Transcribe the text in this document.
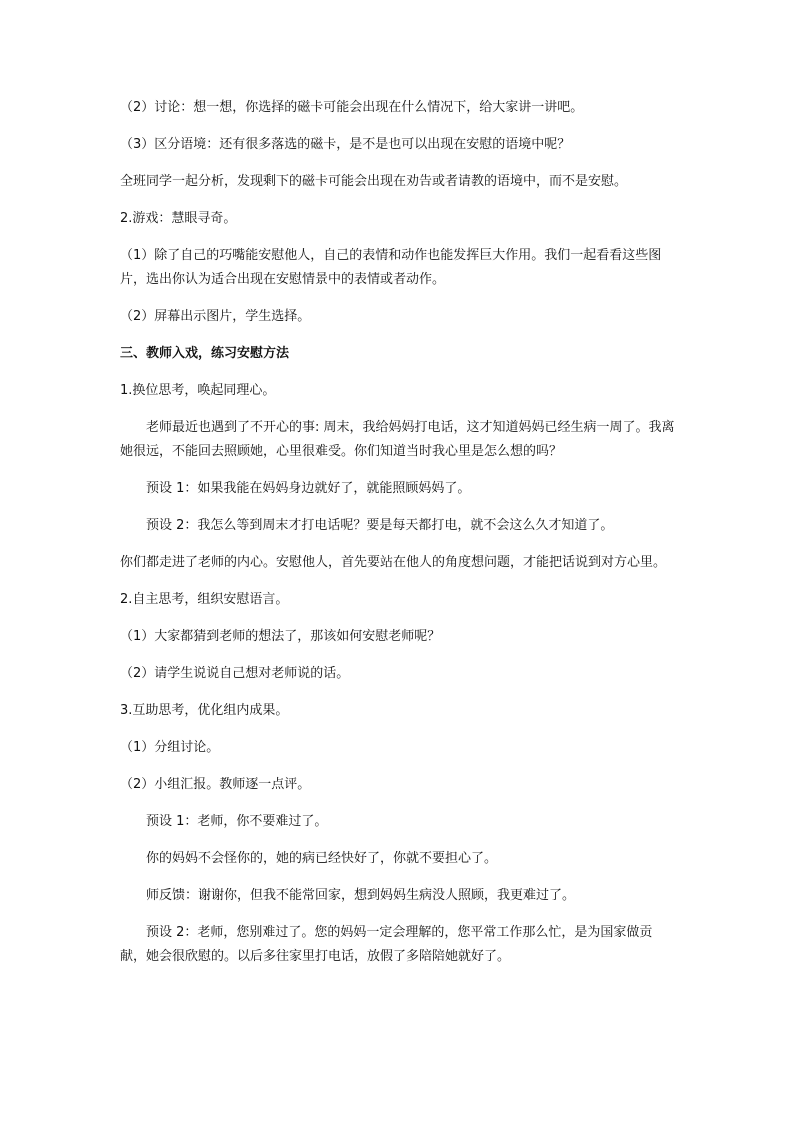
（2）讨论：想一想，你选择的磁卡可能会出现在什么情况下，给大家讲一讲吧。

（3）区分语境：还有很多落选的磁卡，是不是也可以出现在安慰的语境中呢？

全班同学一起分析，发现剩下的磁卡可能会出现在劝告或者请教的语境中，而不是安慰。

2.游戏：慧眼寻奇。

（1）除了自己的巧嘴能安慰他人，自己的表情和动作也能发挥巨大作用。我们一起看看这些图片，选出你认为适合出现在安慰情景中的表情或者动作。

（2）屏幕出示图片，学生选择。

三、教师入戏，练习安慰方法

1.换位思考，唤起同理心。

老师最近也遇到了不开心的事: 周末，我给妈妈打电话，这才知道妈妈已经生病一周了。我离她很远，不能回去照顾她，心里很难受。你们知道当时我心里是怎么想的吗？

预设 1：如果我能在妈妈身边就好了，就能照顾妈妈了。

预设 2：我怎么等到周末才打电话呢？要是每天都打电，就不会这么久才知道了。

你们都走进了老师的内心。安慰他人，首先要站在他人的角度想问题，才能把话说到对方心里。

2.自主思考，组织安慰语言。

（1）大家都猜到老师的想法了，那该如何安慰老师呢？

（2）请学生说说自己想对老师说的话。

3.互助思考，优化组内成果。

（1）分组讨论。

（2）小组汇报。教师逐一点评。

预设 1：老师，你不要难过了。

你的妈妈不会怪你的，她的病已经快好了，你就不要担心了。

师反馈：谢谢你，但我不能常回家，想到妈妈生病没人照顾，我更难过了。

预设 2：老师，您别难过了。您的妈妈一定会理解的，您平常工作那么忙，是为国家做贡献，她会很欣慰的。以后多往家里打电话，放假了多陪陪她就好了。
